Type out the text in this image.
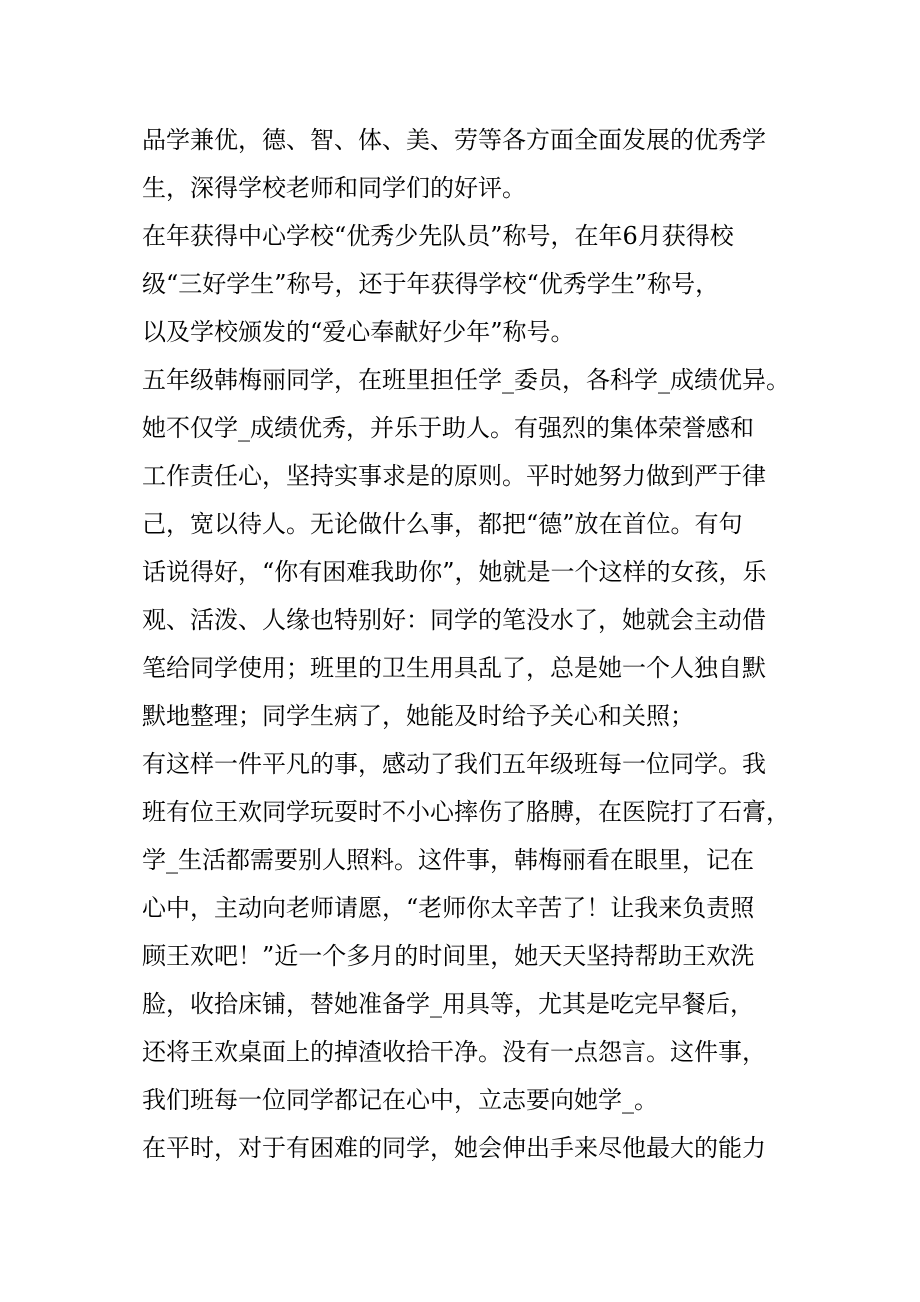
品学兼优，德、智、体、美、劳等各方面全面发展的优秀学
生，深得学校老师和同学们的好评。
在年获得中心学校“优秀少先队员”称号，在年6月获得校
级“三好学生”称号，还于年获得学校“优秀学生”称号，
以及学校颁发的“爱心奉献好少年”称号。
五年级韩梅丽同学，在班里担任学_委员，各科学_成绩优异。
她不仅学_成绩优秀，并乐于助人。有强烈的集体荣誉感和
工作责任心，坚持实事求是的原则。平时她努力做到严于律
己，宽以待人。无论做什么事，都把“德”放在首位。有句
话说得好，“你有困难我助你”，她就是一个这样的女孩，乐
观、活泼、人缘也特别好：同学的笔没水了，她就会主动借
笔给同学使用；班里的卫生用具乱了，总是她一个人独自默
默地整理；同学生病了，她能及时给予关心和关照；
有这样一件平凡的事，感动了我们五年级班每一位同学。我
班有位王欢同学玩耍时不小心摔伤了胳膊，在医院打了石膏，
学_生活都需要别人照料。这件事，韩梅丽看在眼里，记在
心中，主动向老师请愿，“老师你太辛苦了！让我来负责照
顾王欢吧！”近一个多月的时间里，她天天坚持帮助王欢洗
脸，收拾床铺，替她准备学_用具等，尤其是吃完早餐后，
还将王欢桌面上的掉渣收拾干净。没有一点怨言。这件事，
我们班每一位同学都记在心中，立志要向她学_。
在平时，对于有困难的同学，她会伸出手来尽他最大的能力
